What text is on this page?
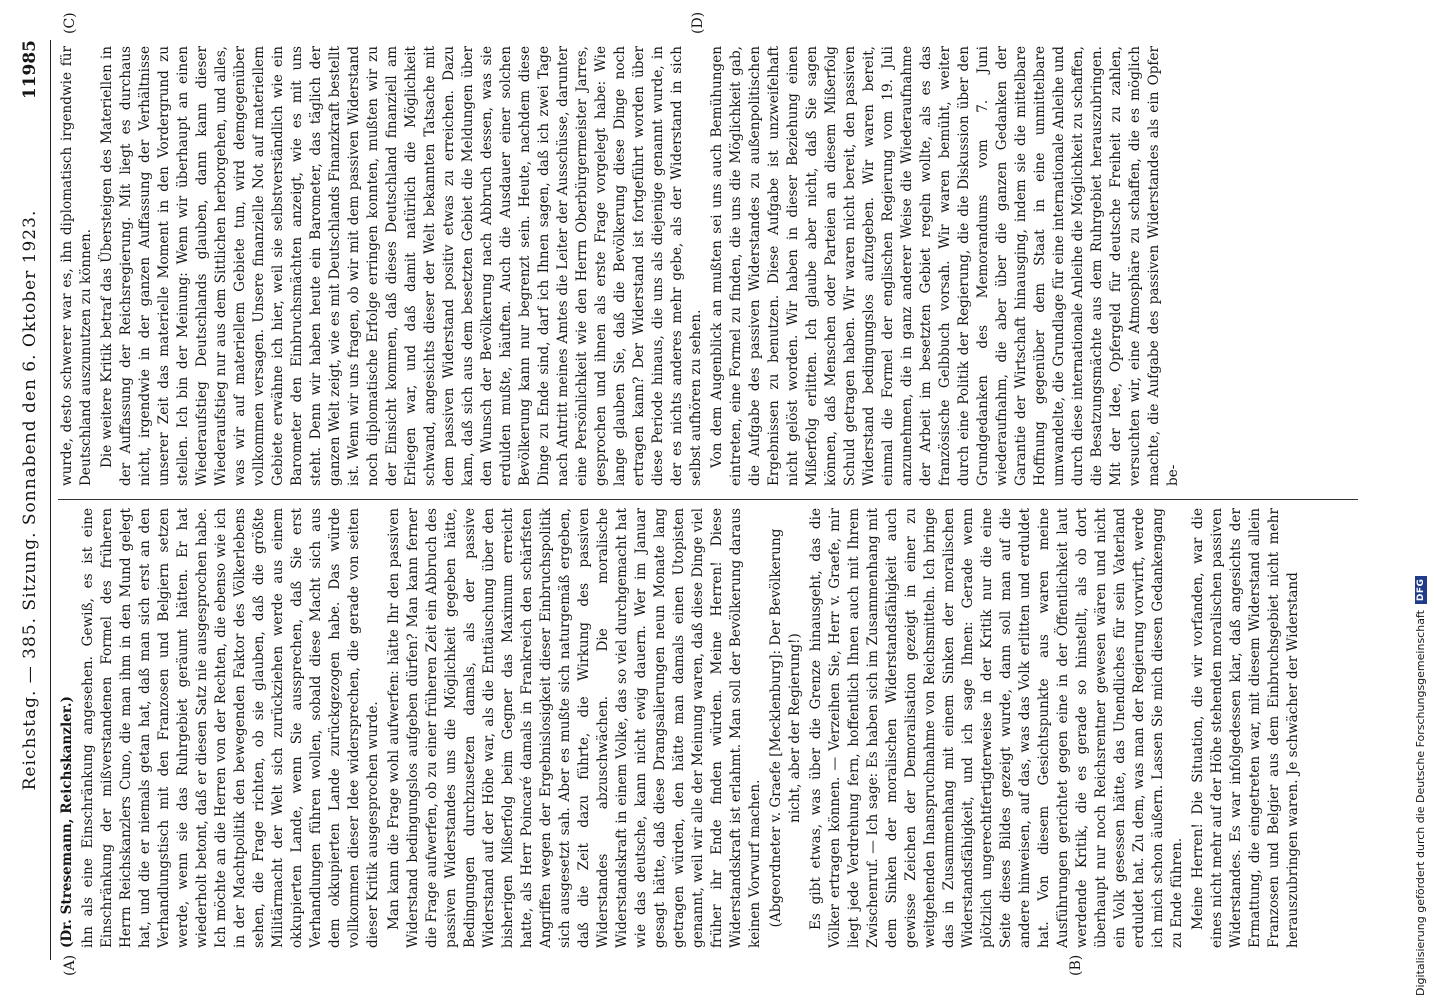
Reichstag. — 385. Sitzung. Sonnabend den 6. Oktober 1923.
11985
(A)	(B)
(C)	(D)

(Dr. Stresemann, Reichskanzler.) ihn als eine Einschränkung angesehen. Gewiß, es ist eine Einschränkung der mißverstandenen Formel des früheren Herrn Reichskanzlers Cuno, die man ihm in den Mund gelegt hat, und die er niemals getan hat, daß man sich erst an den Verhandlungstisch mit den Franzosen und Belgiern setzen werde, wenn sie das Ruhrgebiet geräumt hätten. Er hat wiederholt betont, daß er diesen Satz nie ausgesprochen habe. Ich möchte an die Herren von der Rechten, die ebenso wie ich in der Machtpolitik den bewegenden Faktor des Völkerlebens sehen, die Frage richten, ob sie glauben, daß die größte Militärmacht der Welt sich zurückziehen werde aus einem okkupierten Lande, wenn Sie aussprechen, daß Sie erst Verhandlungen führen wollen, sobald diese Macht sich aus dem okkupierten Lande zurückgezogen habe. Das würde vollkommen dieser Idee widersprechen, die gerade von seiten dieser Kritik ausgesprochen wurde. Man kann die Frage wohl aufwerfen: hätte Ihr den passiven Widerstand bedingungslos aufgeben dürfen? Man kann ferner die Frage aufwerfen, ob zu einer früheren Zeit ein Abbruch des passiven Widerstandes uns die Möglichkeit gegeben hätte, Bedingungen durchzusetzen damals, als der passive Widerstand auf der Höhe war, als die Enttäuschung über den bisherigen Mißerfolg beim Gegner das Maximum erreicht hatte, als Herr Poincaré damals in Frankreich den schärfsten Angriffen wegen der Ergebnislosigkeit dieser Einbruchspolitik sich ausgesetzt sah. Aber es mußte sich naturgemäß ergeben, daß die Zeit dazu führte, die Wirkung des passiven Widerstandes abzuschwächen. Die moralische Widerstandskraft in einem Volke, das so viel durchgemacht hat wie das deutsche, kann nicht ewig dauern. Wer im Januar gesagt hätte, daß diese Drangsalierungen neun Monate lang getragen würden, den hätte man damals einen Utopisten genannt, weil wir alle der Meinung waren, daß diese Dinge viel früher ihr Ende finden würden. Meine Herren! Diese Widerstandskraft ist erlahmt. Man soll der Bevölkerung daraus keinen Vorwurf machen. (Abgeordneter v. Graefe [Mecklenburg]: Der Bevölkerung nicht, aber der Regierung!) Es gibt etwas, was über die Grenze hinausgeht, das die Völker ertragen können. — Verzeihen Sie, Herr v. Graefe, mir liegt jede Verdrehung fern, hoffentlich Ihnen auch mit Ihrem Zwischenruf. — Ich sage: Es haben sich im Zusammenhang mit dem Sinken der moralischen Widerstandsfähigkeit auch gewisse Zeichen der Demoralisation gezeigt in einer zu weitgehenden Inanspruchnahme von Reichsmitteln. Ich bringe das in Zusammenhang mit einem Sinken der moralischen Widerstandsfähigkeit, und ich sage Ihnen: Gerade wenn plötzlich ungerechtfertigterweise in der Kritik nur die eine Seite dieses Bildes gezeigt wurde, dann soll man auf die andere hinweisen, auf das, was das Volk erlitten und erduldet hat. Von diesem Gesichtspunkte aus waren meine Ausführungen gerichtet gegen eine in der Öffentlichkeit laut werdende Kritik, die es gerade so hinstellt, als ob dort überhaupt nur noch Reichsrentner gewesen wären und nicht ein Volk gesessen hätte, das Unendliches für sein Vaterland erduldet hat. Zu dem, was man der Regierung vorwirft, werde ich mich schon äußern. Lassen Sie mich diesen Gedankengang zu Ende führen. Meine Herren! Die Situation, die wir vorfanden, war die eines nicht mehr auf der Höhe stehenden moralischen passiven Widerstandes. Es war infolgedessen klar, daß angesichts der Ermattung, die eingetreten war, mit diesem Widerstand allein Franzosen und Belgier aus dem Einbruchsgebiet nicht mehr herauszubringen waren. Je schwächer der Widerstand

wurde, desto schwerer war es, ihn diplomatisch irgendwie für Deutschland auszunutzen zu können. Die weitere Kritik betraf das Übersteigen des Materiellen in der Auffassung der Reichsregierung. Mit liegt es durchaus nicht, irgendwie in der ganzen Auffassung der Verhältnisse unserer Zeit das materielle Moment in den Vordergrund zu stellen. Ich bin der Meinung: Wenn wir überhaupt an einen Wiederaufstieg Deutschlands glauben, dann kann dieser Wiederaufstieg nur aus dem Sittlichen herborgehen, und alles, was wir auf materiellem Gebiete tun, wird demgegenüber vollkommen versagen. Unsere finanzielle Not auf materiellem Gebiete erwähne ich hier, weil sie selbstverständlich wie ein Barometer den Einbruchsmächten anzeigt, wie es mit uns steht. Denn wir haben heute ein Barometer, das täglich der ganzen Welt zeigt, wie es mit Deutschlands Finanzkraft bestellt ist. Wenn wir uns fragen, ob wir mit dem passiven Widerstand noch diplomatische Erfolge erringen konnten, mußten wir zu der Einsicht kommen, daß dieses Deutschland finanziell am Erliegen war, und daß damit natürlich die Möglichkeit schwand, angesichts dieser der Welt bekannten Tatsache mit dem passiven Widerstand positiv etwas zu erreichen. Dazu kam, daß sich aus dem besetzten Gebiet die Meldungen über den Wunsch der Bevölkerung nach Abbruch dessen, was sie erdulden mußte, häuften. Auch die Ausdauer einer solchen Bevölkerung kann nur begrenzt sein. Heute, nachdem diese Dinge zu Ende sind, darf ich Ihnen sagen, daß ich zwei Tage nach Antritt meines Amtes die Leiter der Ausschüsse, darunter eine Persönlichkeit wie den Herrn Oberbürgermeister Jarres, gesprochen und ihnen als erste Frage vorgelegt habe: Wie lange glauben Sie, daß die Bevölkerung diese Dinge noch ertragen kann? Der Widerstand ist fortgeführt worden über diese Periode hinaus, die uns als diejenige genannt wurde, in der es nichts anderes mehr gebe, als der Widerstand in sich selbst aufhören zu sehen. Von dem Augenblick an mußten sei uns auch Bemühungen eintreten, eine Formel zu finden, die uns die Möglichkeit gab, die Aufgabe des passiven Widerstandes zu außenpolitischen Ergebnissen zu benutzen. Diese Aufgabe ist unzweifelhaft nicht gelöst worden. Wir haben in dieser Beziehung einen Mißerfolg erlitten. Ich glaube aber nicht, daß Sie sagen können, daß Menschen oder Parteien an diesem Mißerfolg Schuld getragen haben. Wir waren nicht bereit, den passiven Widerstand bedingungslos aufzugeben. Wir waren bereit, einmal die Formel der englischen Regierung vom 19. Juli anzunehmen, die in ganz anderer Weise die Wiederaufnahme der Arbeit im besetzten Gebiet regeln wollte, als es das französische Gelbbuch vorsah. Wir waren bemüht, weiter durch eine Politik der Regierung, die die Diskussion über den Grundgedanken des Memorandums vom 7. Juni wiederaufnahm, die aber über die ganzen Gedanken der Garantie der Wirtschaft hinausging, indem sie die mittelbare Hoffnung gegenüber dem Staat in eine unmittelbare umwandelte, die Grundlage für eine internationale Anleihe und durch diese internationale Anleihe die Möglichkeit zu schaffen, die Besatzungsmächte aus dem Ruhrgebiet herauszubringen. Mit der Idee, Opfergeld für deutsche Freiheit zu zahlen, versuchten wir, eine Atmosphäre zu schaffen, die es möglich machte, die Aufgabe des passiven Widerstandes als ein Opfer be-

Digitalisierung gefördert durch die Deutsche Forschungsgemeinschaft
DFG
